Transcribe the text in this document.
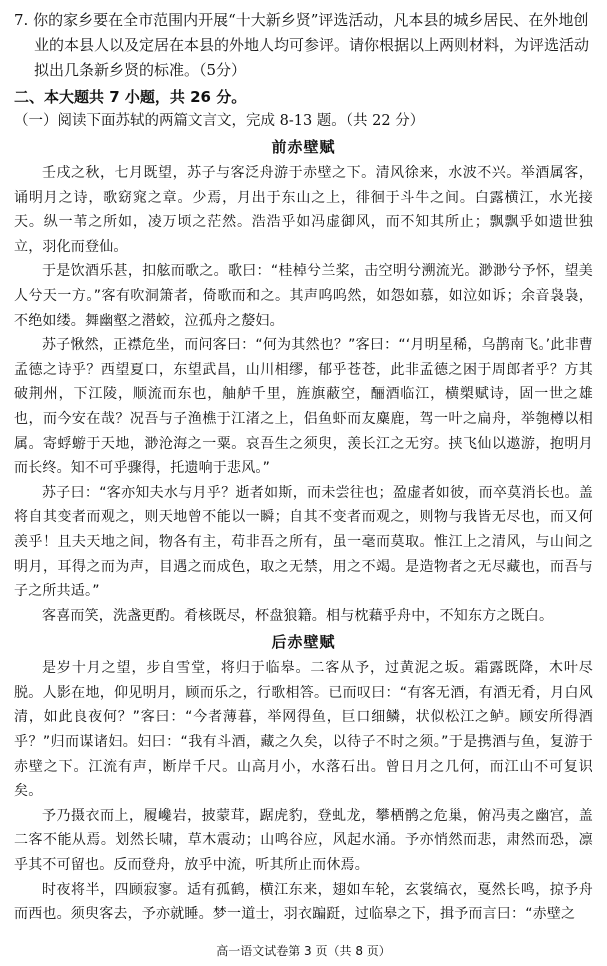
7. 你的家乡要在全市范围内开展“十大新乡贤”评选活动，凡本县的城乡居民、在外地创

业的本县人以及定居在本县的外地人均可参评。请你根据以上两则材料，为评选活动
拟出几条新乡贤的标准。（5分）

二、本大题共 7 小题，共 26 分。
（一）阅读下面苏轼的两篇文言文，完成 8-13 题。（共 22 分）
前赤壁赋

壬戌之秋，七月既望，苏子与客泛舟游于赤壁之下。清风徐来，水波不兴。举酒属客，诵明月之诗，歌窈窕之章。少焉，月出于东山之上，徘徊于斗牛之间。白露横江，水光接天。纵一苇之所如，凌万顷之茫然。浩浩乎如冯虚御风，而不知其所止；飘飘乎如遗世独立，羽化而登仙。

于是饮酒乐甚，扣舷而歌之。歌曰：“桂棹兮兰桨，击空明兮溯流光。渺渺兮予怀，望美人兮天一方。”客有吹洞箫者，倚歌而和之。其声呜呜然，如怨如慕，如泣如诉；余音袅袅，不绝如缕。舞幽壑之潜蛟，泣孤舟之嫠妇。

苏子愀然，正襟危坐，而问客曰：“何为其然也？”客曰：“‘月明星稀，乌鹊南飞。’此非曹孟德之诗乎？西望夏口，东望武昌，山川相缪，郁乎苍苍，此非孟德之困于周郎者乎？方其破荆州，下江陵，顺流而东也，舳舻千里，旌旗蔽空，酾酒临江，横槊赋诗，固一世之雄也，而今安在哉？况吾与子渔樵于江渚之上，侣鱼虾而友麋鹿，驾一叶之扁舟，举匏樽以相属。寄蜉蝣于天地，渺沧海之一粟。哀吾生之须臾，羡长江之无穷。挟飞仙以遨游，抱明月而长终。知不可乎骤得，托遗响于悲风。”

苏子曰：“客亦知夫水与月乎？逝者如斯，而未尝往也；盈虚者如彼，而卒莫消长也。盖将自其变者而观之，则天地曾不能以一瞬；自其不变者而观之，则物与我皆无尽也，而又何羡乎！且夫天地之间，物各有主，苟非吾之所有，虽一毫而莫取。惟江上之清风，与山间之明月，耳得之而为声，目遇之而成色，取之无禁，用之不竭。是造物者之无尽藏也，而吾与子之所共适。”

客喜而笑，洗盏更酌。肴核既尽，杯盘狼籍。相与枕藉乎舟中，不知东方之既白。

后赤壁赋

是岁十月之望，步自雪堂，将归于临皋。二客从予，过黄泥之坂。霜露既降，木叶尽脱。人影在地，仰见明月，顾而乐之，行歌相答。已而叹曰：“有客无酒，有酒无肴，月白风清，如此良夜何？”客曰：“今者薄暮，举网得鱼，巨口细鳞，状似松江之鲈。顾安所得酒乎？”归而谋诸妇。妇曰：“我有斗酒，藏之久矣，以待子不时之须。”于是携酒与鱼，复游于赤壁之下。江流有声，断岸千尺。山高月小，水落石出。曾日月之几何，而江山不可复识矣。

予乃摄衣而上，履巉岩，披蒙茸，踞虎豹，登虬龙，攀栖鹘之危巢，俯冯夷之幽宫，盖二客不能从焉。划然长啸，草木震动；山鸣谷应，风起水涌。予亦悄然而悲，肃然而恐，凛乎其不可留也。反而登舟，放乎中流，听其所止而休焉。

时夜将半，四顾寂寥。适有孤鹤，横江东来，翅如车轮，玄裳缟衣，戛然长鸣，掠予舟而西也。须臾客去，予亦就睡。梦一道士，羽衣蹁跹，过临皋之下，揖予而言曰：“赤壁之

高一语文试卷第 3 页（共 8 页）
